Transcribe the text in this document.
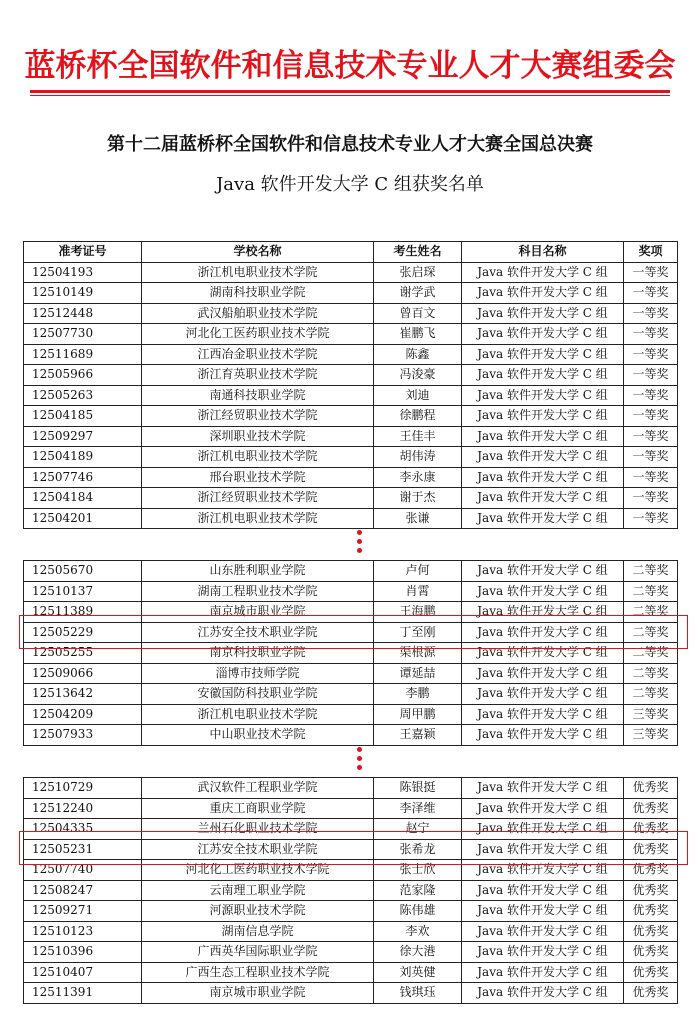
蓝桥杯全国软件和信息技术专业人才大赛组委会
第十二届蓝桥杯全国软件和信息技术专业人才大赛全国总决赛
Java 软件开发大学 C 组获奖名单
准考证号	学校名称	考生姓名	科目名称	奖项
12504193	浙江机电职业技术学院	张启琛	Java 软件开发大学 C 组	一等奖
12510149	湖南科技职业学院	谢学武	Java 软件开发大学 C 组	一等奖
12512448	武汉船舶职业技术学院	曾百文	Java 软件开发大学 C 组	一等奖
12507730	河北化工医药职业技术学院	崔鹏飞	Java 软件开发大学 C 组	一等奖
12511689	江西冶金职业技术学院	陈鑫	Java 软件开发大学 C 组	一等奖
12505966	浙江育英职业技术学院	冯浚豪	Java 软件开发大学 C 组	一等奖
12505263	南通科技职业学院	刘迪	Java 软件开发大学 C 组	一等奖
12504185	浙江经贸职业技术学院	徐鹏程	Java 软件开发大学 C 组	一等奖
12509297	深圳职业技术学院	王佳丰	Java 软件开发大学 C 组	一等奖
12504189	浙江机电职业技术学院	胡伟涛	Java 软件开发大学 C 组	一等奖
12507746	邢台职业技术学院	李永康	Java 软件开发大学 C 组	一等奖
12504184	浙江经贸职业技术学院	谢于杰	Java 软件开发大学 C 组	一等奖
12504201	浙江机电职业技术学院	张谦	Java 软件开发大学 C 组	一等奖
12505670	山东胜利职业学院	卢何	Java 软件开发大学 C 组	二等奖
12510137	湖南工程职业技术学院	肖霄	Java 软件开发大学 C 组	二等奖
12511389	南京城市职业学院	王海鹏	Java 软件开发大学 C 组	二等奖
12505229	江苏安全技术职业学院	丁至刚	Java 软件开发大学 C 组	二等奖
12505255	南京科技职业学院	渠根源	Java 软件开发大学 C 组	二等奖
12509066	淄博市技师学院	谭延喆	Java 软件开发大学 C 组	二等奖
12513642	安徽国防科技职业学院	李鹏	Java 软件开发大学 C 组	二等奖
12504209	浙江机电职业技术学院	周甲鹏	Java 软件开发大学 C 组	三等奖
12507933	中山职业技术学院	王嘉颖	Java 软件开发大学 C 组	三等奖
12510729	武汉软件工程职业学院	陈银挺	Java 软件开发大学 C 组	优秀奖
12512240	重庆工商职业学院	李泽维	Java 软件开发大学 C 组	优秀奖
12504335	兰州石化职业技术学院	赵宁	Java 软件开发大学 C 组	优秀奖
12505231	江苏安全技术职业学院	张希龙	Java 软件开发大学 C 组	优秀奖
12507740	河北化工医药职业技术学院	张士欣	Java 软件开发大学 C 组	优秀奖
12508247	云南理工职业学院	范家隆	Java 软件开发大学 C 组	优秀奖
12509271	河源职业技术学院	陈伟雄	Java 软件开发大学 C 组	优秀奖
12510123	湖南信息学院	李欢	Java 软件开发大学 C 组	优秀奖
12510396	广西英华国际职业学院	徐大港	Java 软件开发大学 C 组	优秀奖
12510407	广西生态工程职业技术学院	刘英健	Java 软件开发大学 C 组	优秀奖
12511391	南京城市职业学院	钱琪珏	Java 软件开发大学 C 组	优秀奖
